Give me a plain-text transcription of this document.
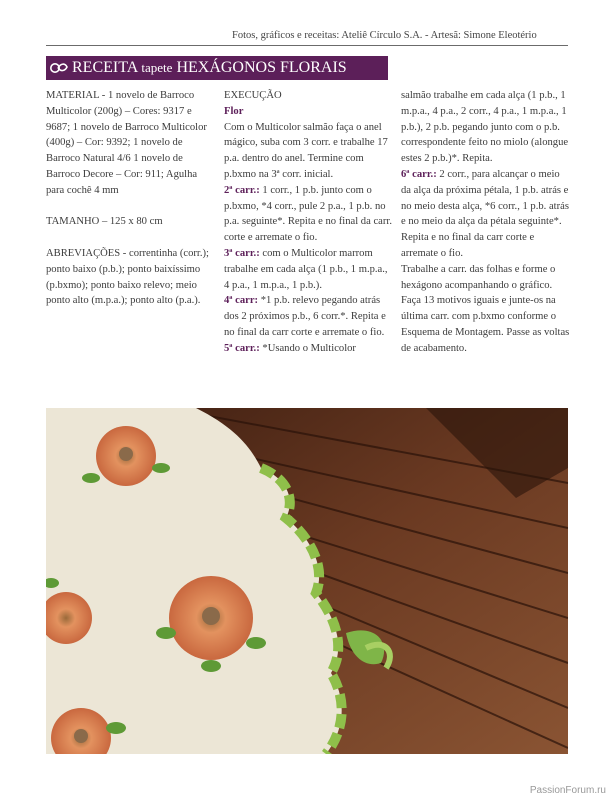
Fotos, gráficos e receitas: Ateliê Círculo S.A. - Artesã: Simone Eleotério
RECEITA tapete HEXÁGONOS FLORAIS

MATERIAL - 1 novelo de Barroco Multicolor (200g) – Cores: 9317 e 9687; 1 novelo de Barroco Multicolor (400g) – Cor: 9392; 1 novelo de Barroco Natural 4/6 1 novelo de Barroco Decore – Cor: 911; Agulha para cochê 4 mm

TAMANHO – 125 x 80 cm

ABREVIAÇÕES - correntinha (corr.); ponto baixo (p.b.); ponto baixíssimo (p.bxmo); ponto baixo relevo; meio ponto alto (m.p.a.); ponto alto (p.a.).

EXECUÇÃO

Flor

Com o Multicolor salmão faça o anel mágico, suba com 3 corr. e trabalhe 17 p.a. dentro do anel. Termine com p.bxmo na 3ª corr. inicial.

2ª carr.: 1 corr., 1 p.b. junto com o p.bxmo, *4 corr., pule 2 p.a., 1 p.b. no p.a. seguinte*. Repita e no final da carr. corte e arremate o fio.

3ª carr.: com o Multicolor marrom trabalhe em cada alça (1 p.b., 1 m.p.a., 4 p.a., 1 m.p.a., 1 p.b.).

4ª carr: *1 p.b. relevo pegando atrás dos 2 próximos p.b., 6 corr.*. Repita e no final da carr corte e arremate o fio.

5ª carr.: *Usando o Multicolor

salmão trabalhe em cada alça (1 p.b., 1 m.p.a., 4 p.a., 2 corr., 4 p.a., 1 m.p.a., 1 p.b.), 2 p.b. pegando junto com o p.b. correspondente feito no miolo (alongue estes 2 p.b.)*. Repita.

6ª carr.: 2 corr., para alcançar o meio da alça da próxima pétala, 1 p.b. atrás e no meio desta alça, *6 corr., 1 p.b. atrás e no meio da alça da pétala seguinte*. Repita e no final da carr corte e arremate o fio.

Trabalhe a carr. das folhas e forme o hexágono acompanhando o gráfico. Faça 13 motivos iguais e junte-os na última carr. com p.bxmo conforme o Esquema de Montagem. Passe as voltas de acabamento.

PassionForum.ru
